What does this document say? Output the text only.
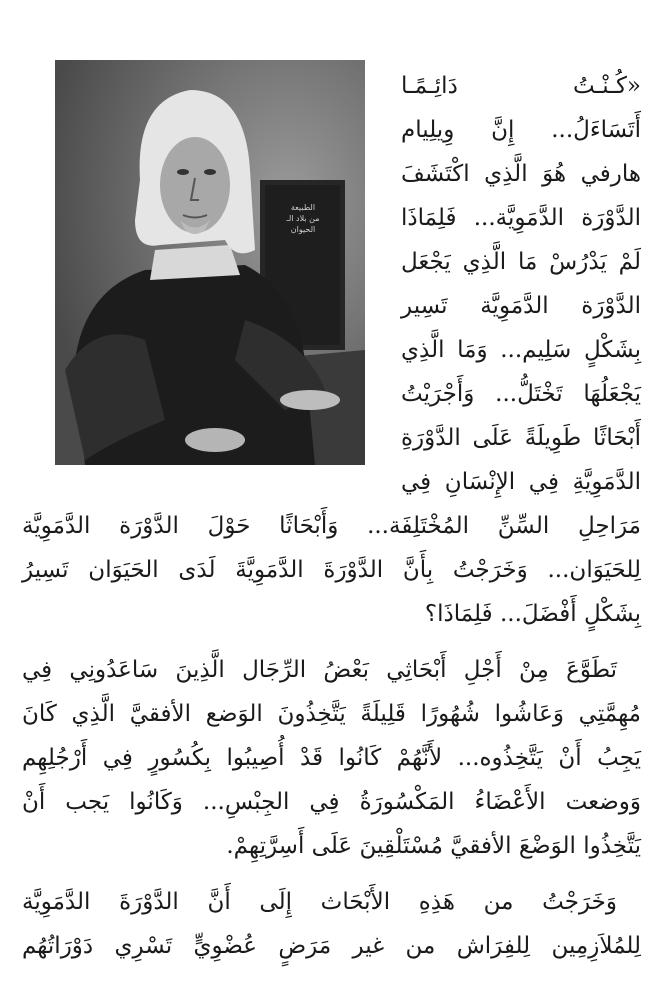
الطبيعة
من بلاد الـ
الحيوان
«كُـنْـتُ دَائِـمًـا
أَتَسَاءَلُ... إِنَّ وِيلِيام
هارفي هُوَ الَّذِي اكْتَشَفَ
الدَّوْرَة الدَّمَوِيَّة... فَلِمَاذَا
لَمْ يَدْرُسْ مَا الَّذِي يَجْعَل
الدَّوْرَة الدَّمَوِيَّة تَسِير
بِشَكْلٍ سَلِيم... وَمَا الَّذِي
يَجْعَلُهَا تَخْتَلُّ... وَأَجْرَيْتُ
أَبْحَاثًا طَوِيلَةً عَلَى الدَّوْرَةِ
الدَّمَوِيَّةِ فِي الإِنْسَانِ فِي
مَرَاحِلِ السِّنِّ المُخْتَلِفَة... وَأَبْحَاثًا حَوْلَ الدَّوْرَة الدَّمَوِيَّة
لِلحَيَوَان... وَخَرَجْتُ بِأَنَّ الدَّوْرَةَ الدَّمَوِيَّةَ لَدَى الحَيَوَان تَسِيرُ
بِشَكْلٍ أَفْضَلَ... فَلِمَاذَا؟
تَطَوَّعَ مِنْ أَجْلِ أَبْحَاثِي بَعْضُ الرِّجَال الَّذِينَ سَاعَدُونِي فِي
مُهِمَّتِي وَعَاشُوا شُهُورًا قَلِيلَةً يَتَّخِذُونَ الوَضع الأفقيَّ الَّذِي كَانَ
يَجِبُ أَنْ يَتَّخِذُوه... لأَنَّهُمْ كَانُوا قَدْ أُصِيبُوا بِكُسُورٍ فِي أَرْجُلِهِم
وَوضعت الأَعْضَاءُ المَكْسُورَةُ فِي الجِبْسِ... وَكَانُوا يَجب أَنْ
يَتَّخِذُوا الوَضْعَ الأفقيَّ مُسْتَلْقِينَ عَلَى أَسِرَّتِهِمْ.
وَخَرَجْتُ من هَذِهِ الأَبْحَاث إِلَى أَنَّ الدَّوْرَةَ الدَّمَوِيَّة
لِلمُلاَزِمِين لِلفِرَاش من غير مَرَضٍ عُضْوِيٍّ تَسْرِي دَوْرَاتُهُم
